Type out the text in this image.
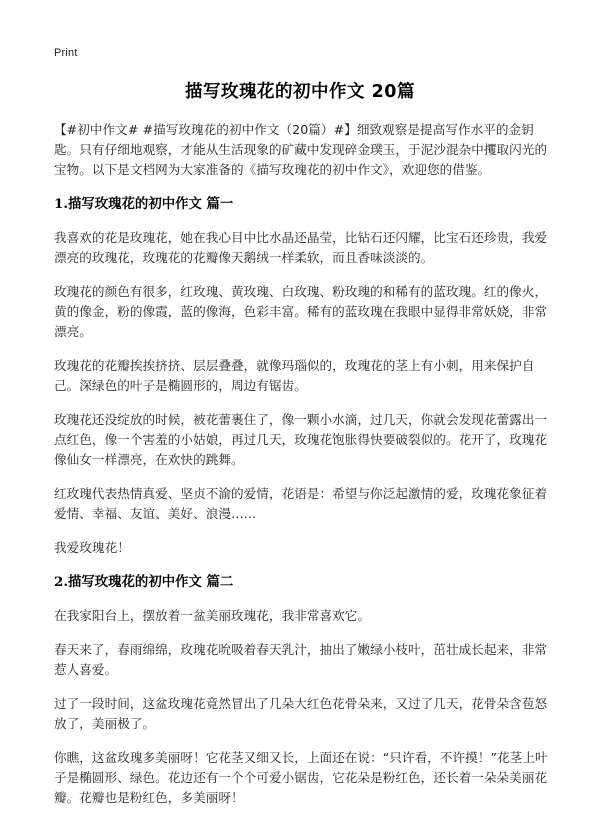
Print
描写玫瑰花的初中作文 20篇
【#初中作文# #描写玫瑰花的初中作文（20篇）#】细致观察是提高写作水平的金钥匙。只有仔细地观察，才能从生活现象的矿藏中发现碎金璞玉，于泥沙混杂中攫取闪光的宝物。以下是文档网为大家准备的《描写玫瑰花的初中作文》，欢迎您的借鉴。
1.描写玫瑰花的初中作文 篇一
我喜欢的花是玫瑰花，她在我心目中比水晶还晶莹，比钻石还闪耀，比宝石还珍贵，我爱漂亮的玫瑰花，玫瑰花的花瓣像天鹅绒一样柔软，而且香味淡淡的。
玫瑰花的颜色有很多，红玫瑰、黄玫瑰、白玫瑰、粉玫瑰的和稀有的蓝玫瑰。红的像火，黄的像金，粉的像霞，蓝的像海，色彩丰富。稀有的蓝玫瑰在我眼中显得非常妖娆，非常漂亮。
玫瑰花的花瓣挨挨挤挤、层层叠叠，就像玛瑙似的，玫瑰花的茎上有小刺，用来保护自己。深绿色的叶子是椭圆形的，周边有锯齿。
玫瑰花还没绽放的时候，被花蕾裹住了，像一颗小水滴，过几天，你就会发现花蕾露出一点红色，像一个害羞的小姑娘，再过几天，玫瑰花饱胀得快要破裂似的。花开了，玫瑰花像仙女一样漂亮，在欢快的跳舞。
红玫瑰代表热情真爱、坚贞不渝的爱情，花语是：希望与你泛起激情的爱，玫瑰花象征着爱情、幸福、友谊、美好、浪漫……
我爱玫瑰花！
2.描写玫瑰花的初中作文 篇二
在我家阳台上，摆放着一盆美丽玫瑰花，我非常喜欢它。
春天来了，春雨绵绵，玫瑰花吮吸着春天乳汁，抽出了嫩绿小枝叶，茁壮成长起来，非常惹人喜爱。
过了一段时间，这盆玫瑰花竟然冒出了几朵大红色花骨朵来，又过了几天，花骨朵含苞怒放了，美丽极了。
你瞧，这盆玫瑰多美丽呀！它花茎又细又长，上面还在说：“只许看，不许摸！”花茎上叶子是椭圆形、绿色。花边还有一个个可爱小锯齿，它花朵是粉红色，还长着一朵朵美丽花瓣。花瓣也是粉红色，多美丽呀！
